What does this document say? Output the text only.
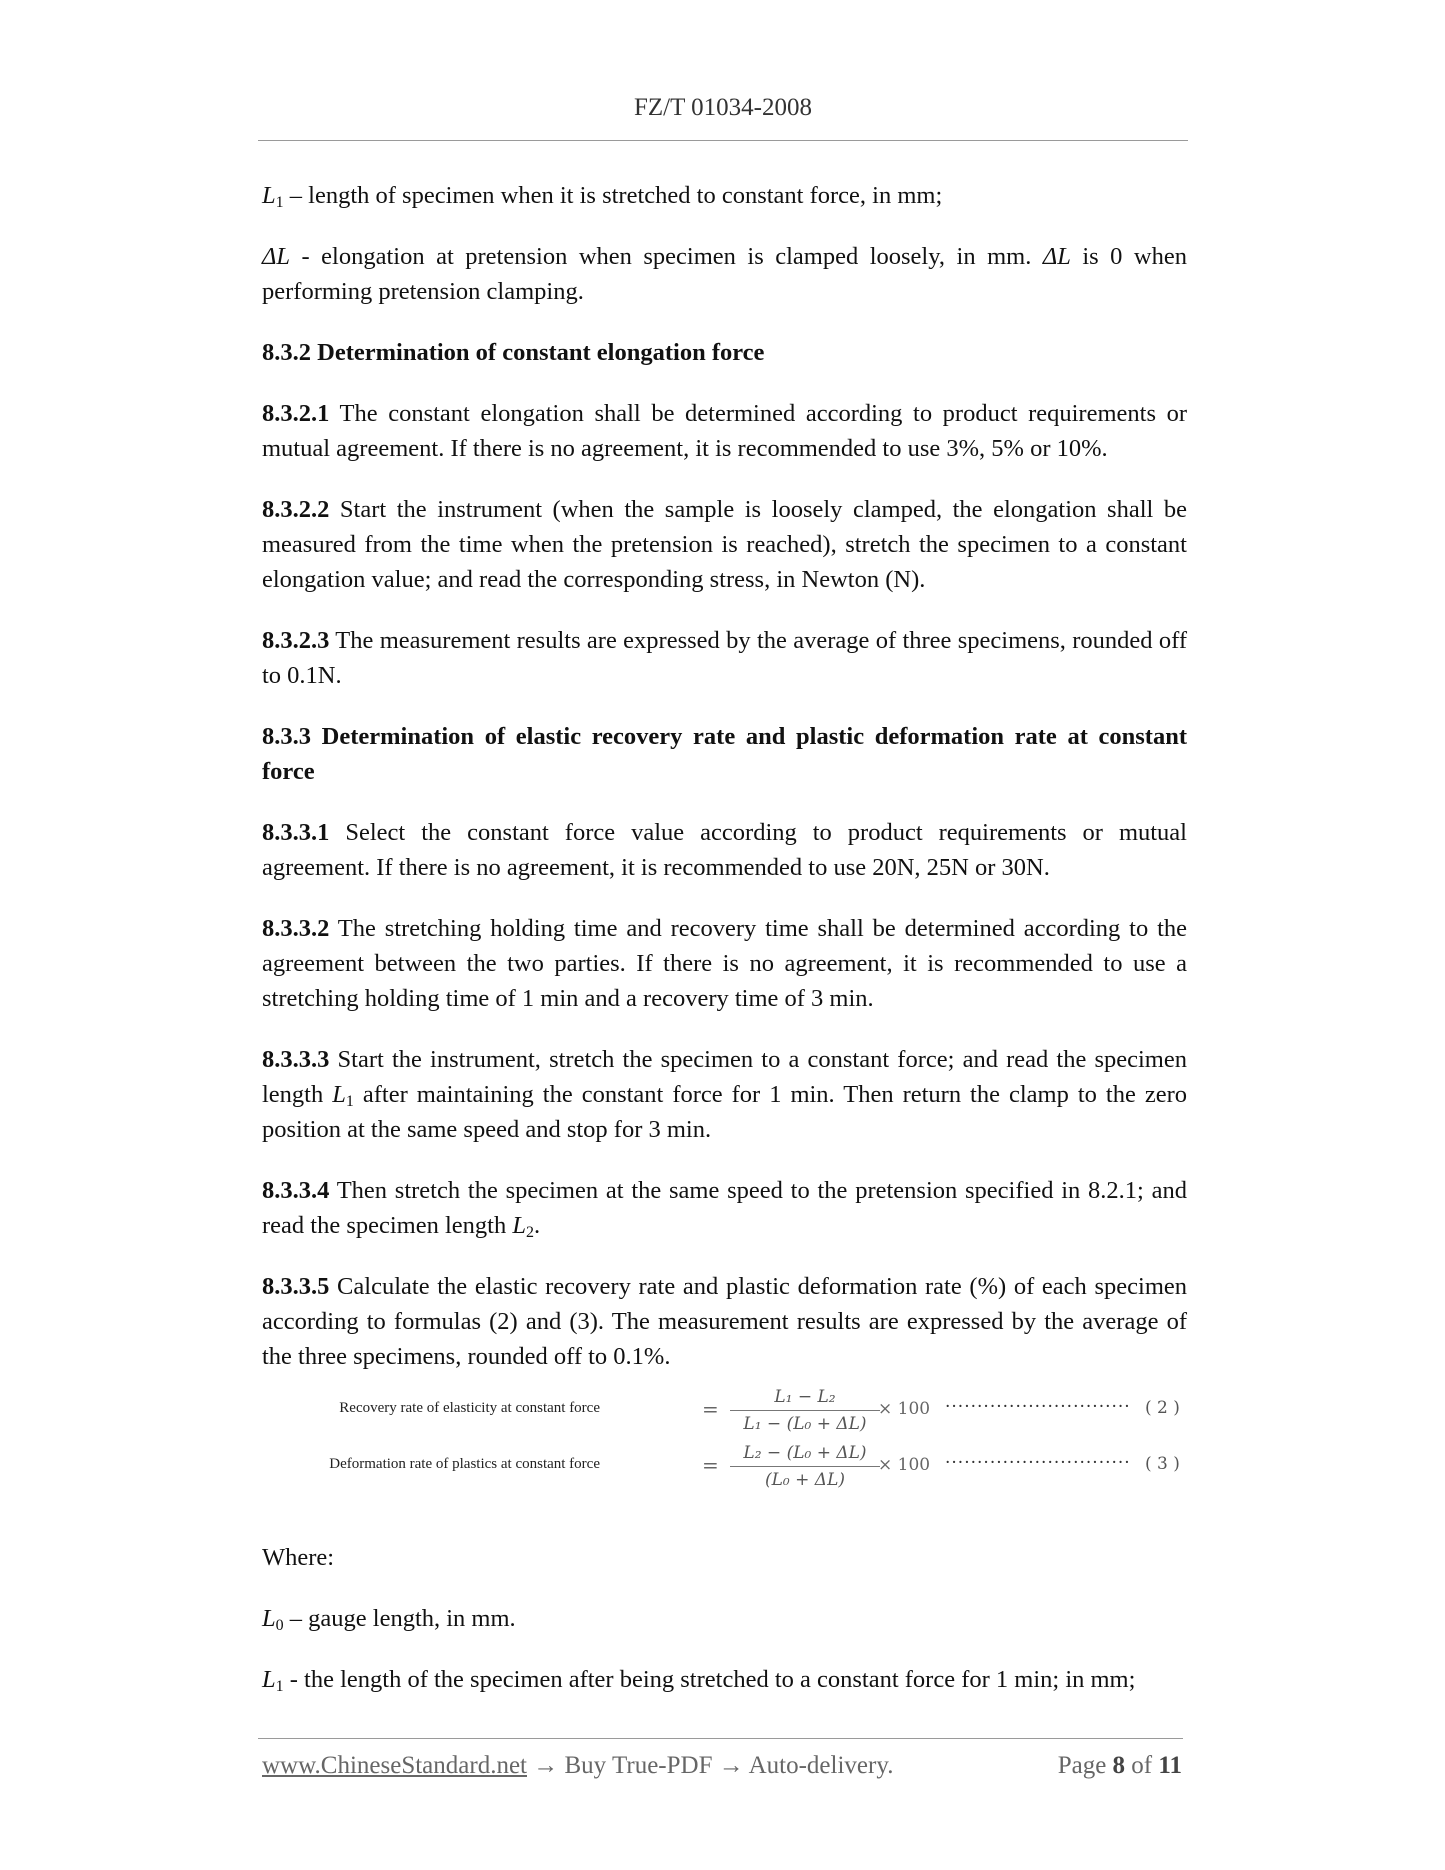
FZ/T 01034-2008

$L_1$ – length of specimen when it is stretched to constant force, in mm;

ΔL - elongation at pretension when specimen is clamped loosely, in mm. ΔL is 0 when performing pretension clamping.

8.3.2 Determination of constant elongation force

8.3.2.1 The constant elongation shall be determined according to product requirements or mutual agreement. If there is no agreement, it is recommended to use 3%, 5% or 10%.

8.3.2.2 Start the instrument (when the sample is loosely clamped, the elongation shall be measured from the time when the pretension is reached), stretch the specimen to a constant elongation value; and read the corresponding stress, in Newton (N).

8.3.2.3 The measurement results are expressed by the average of three specimens, rounded off to 0.1N.

8.3.3 Determination of elastic recovery rate and plastic deformation rate at constant force

8.3.3.1 Select the constant force value according to product requirements or mutual agreement. If there is no agreement, it is recommended to use 20N, 25N or 30N.

8.3.3.2 The stretching holding time and recovery time shall be determined according to the agreement between the two parties. If there is no agreement, it is recommended to use a stretching holding time of 1 min and a recovery time of 3 min.

8.3.3.3 Start the instrument, stretch the specimen to a constant force; and read the specimen length $L_1$ after maintaining the constant force for 1 min. Then return the clamp to the zero position at the same speed and stop for 3 min.

8.3.3.4 Then stretch the specimen at the same speed to the pretension specified in 8.2.1; and read the specimen length $L_2$.

8.3.3.5 Calculate the elastic recovery rate and plastic deformation rate (%) of each specimen according to formulas (2) and (3). The measurement results are expressed by the average of the three specimens, rounded off to 0.1%.

Recovery rate of elasticity at constant force	=	L₁ − L₂
L₁ − (L₀ + ΔL)
× 100 ····························· ( 2 )
Deformation rate of plastics at constant force	=	L₂ − (L₀ + ΔL)
(L₀ + ΔL)
× 100 ····························· ( 3 )

Where:

$L_0$ – gauge length, in mm.

$L_1$ - the length of the specimen after being stretched to a constant force for 1 min; in mm;

www.ChineseStandard.net → Buy True-PDF → Auto-delivery.	Page 8 of 11
